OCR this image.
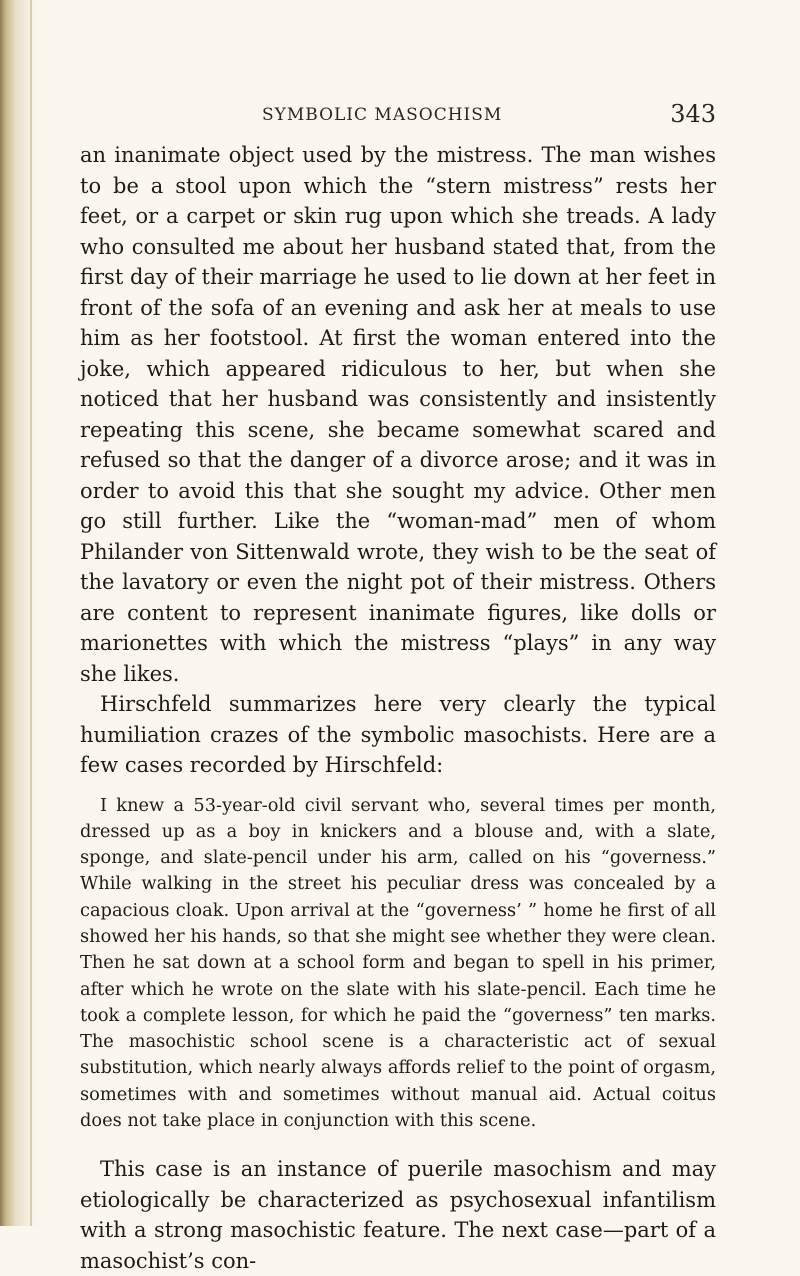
SYMBOLIC MASOCHISM	343

an inanimate object used by the mistress. The man wishes to be a stool upon which the “stern mistress” rests her feet, or a carpet or skin rug upon which she treads. A lady who consulted me about her husband stated that, from the first day of their marriage he used to lie down at her feet in front of the sofa of an evening and ask her at meals to use him as her footstool. At first the woman entered into the joke, which appeared ridiculous to her, but when she noticed that her husband was consistently and insistently repeating this scene, she became somewhat scared and refused so that the danger of a divorce arose; and it was in order to avoid this that she sought my advice. Other men go still further. Like the “woman-mad” men of whom Philander von Sittenwald wrote, they wish to be the seat of the lavatory or even the night pot of their mistress. Others are content to represent inanimate figures, like dolls or marionettes with which the mistress “plays” in any way she likes.

Hirschfeld summarizes here very clearly the typical humiliation crazes of the symbolic masochists. Here are a few cases recorded by Hirschfeld:

I knew a 53-year-old civil servant who, several times per month, dressed up as a boy in knickers and a blouse and, with a slate, sponge, and slate-pencil under his arm, called on his “governess.” While walking in the street his peculiar dress was concealed by a capacious cloak. Upon arrival at the “governess’ ” home he first of all showed her his hands, so that she might see whether they were clean. Then he sat down at a school form and began to spell in his primer, after which he wrote on the slate with his slate-pencil. Each time he took a complete lesson, for which he paid the “governess” ten marks. The masochistic school scene is a characteristic act of sexual substitution, which nearly always affords relief to the point of orgasm, sometimes with and sometimes without manual aid. Actual coitus does not take place in conjunction with this scene.

This case is an instance of puerile masochism and may etiologically be characterized as psychosexual infantilism with a strong masochistic feature. The next case—part of a masochist’s con-
